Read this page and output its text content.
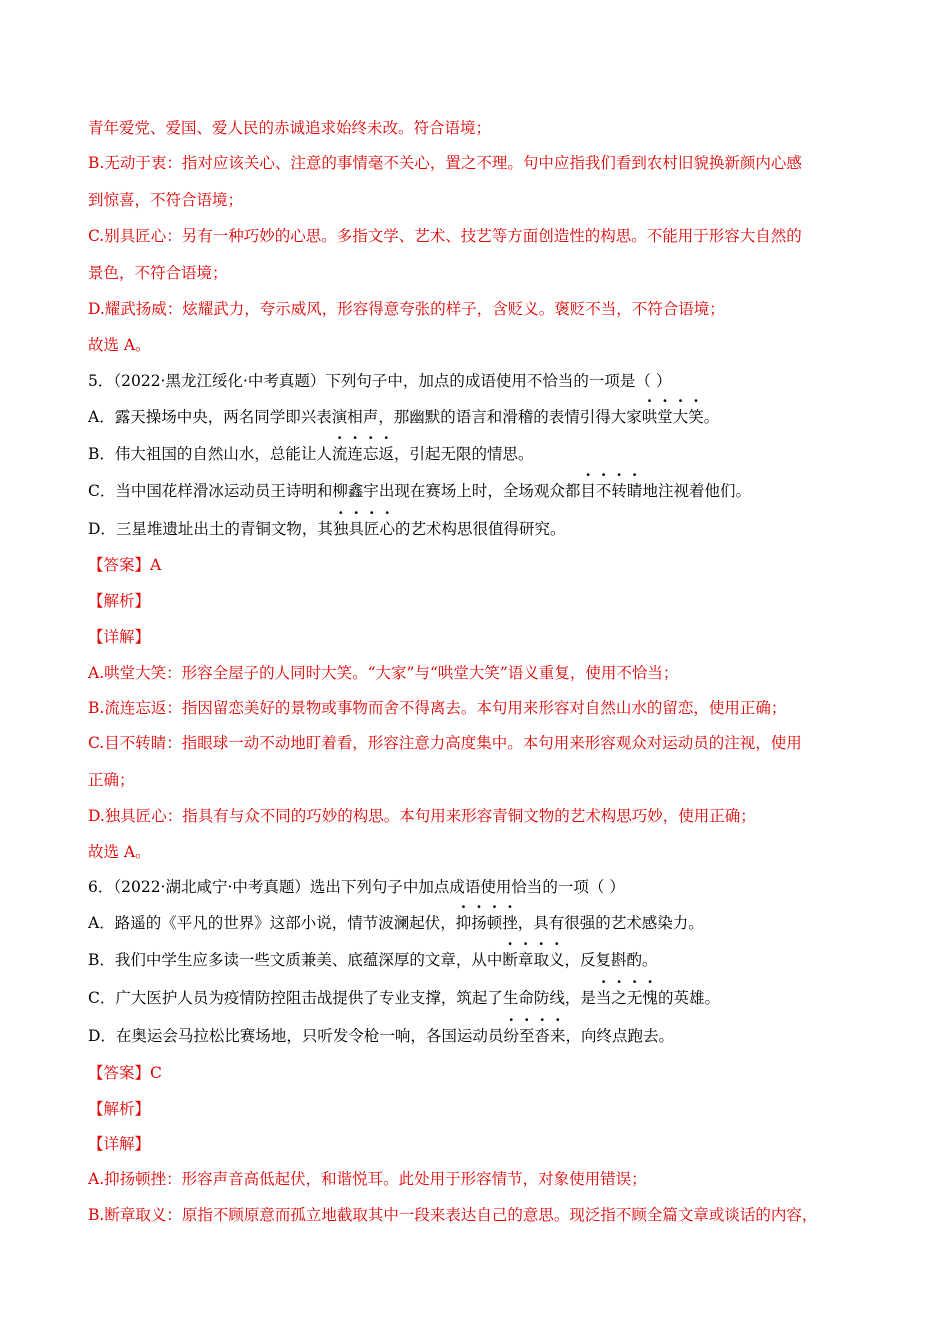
青年爱党、爱国、爱人民的赤诚追求始终未改。符合语境；
B.无动于衷：指对应该关心、注意的事情毫不关心，置之不理。句中应指我们看到农村旧貌换新颜内心感
到惊喜，不符合语境；
C.别具匠心：另有一种巧妙的心思。多指文学、艺术、技艺等方面创造性的构思。不能用于形容大自然的
景色，不符合语境；
D.耀武扬威：炫耀武力，夸示威风，形容得意夸张的样子，含贬义。褒贬不当，不符合语境；
故选 A。
5．（2022·黑龙江绥化·中考真题）下列句子中，加点的成语使用不恰当的一项是（ ）
A．露天操场中央，两名同学即兴表演相声，那幽默的语言和滑稽的表情引得大家哄堂大笑。
B．伟大祖国的自然山水，总能让人流连忘返，引起无限的情思。
C．当中国花样滑冰运动员王诗明和柳鑫宇出现在赛场上时，全场观众都目不转睛地注视着他们。
D．三星堆遗址出土的青铜文物，其独具匠心的艺术构思很值得研究。
【答案】A
【解析】
【详解】
A.哄堂大笑：形容全屋子的人同时大笑。“大家”与“哄堂大笑”语义重复，使用不恰当；
B.流连忘返：指因留恋美好的景物或事物而舍不得离去。本句用来形容对自然山水的留恋，使用正确；
C.目不转睛：指眼球一动不动地盯着看，形容注意力高度集中。本句用来形容观众对运动员的注视，使用
正确；
D.独具匠心：指具有与众不同的巧妙的构思。本句用来形容青铜文物的艺术构思巧妙，使用正确；
故选 A。
6．（2022·湖北咸宁·中考真题）选出下列句子中加点成语使用恰当的一项（ ）
A．路遥的《平凡的世界》这部小说，情节波澜起伏，抑扬顿挫，具有很强的艺术感染力。
B．我们中学生应多读一些文质兼美、底蕴深厚的文章，从中断章取义，反复斟酌。
C．广大医护人员为疫情防控阻击战提供了专业支撑，筑起了生命防线，是当之无愧的英雄。
D．在奥运会马拉松比赛场地，只听发令枪一响，各国运动员纷至沓来，向终点跑去。
【答案】C
【解析】
【详解】
A.抑扬顿挫：形容声音高低起伏，和谐悦耳。此处用于形容情节，对象使用错误；
B.断章取义：原指不顾原意而孤立地截取其中一段来表达自己的意思。现泛指不顾全篇文章或谈话的内容，
